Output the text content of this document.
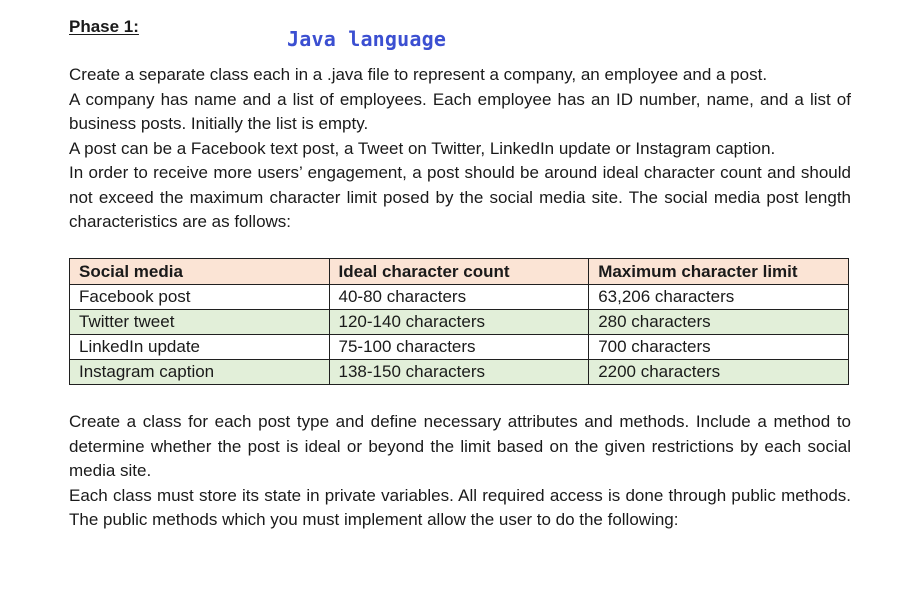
Phase 1:
Java language

Create a separate class each in a .java file to represent a company, an employee and a post.

A company has name and a list of employees. Each employee has an ID number, name, and a list of business posts. Initially the list is empty.

A post can be a Facebook text post, a Tweet on Twitter, LinkedIn update or Instagram caption.

In order to receive more users’ engagement, a post should be around ideal character count and should not exceed the maximum character limit posed by the social media site. The social media post length characteristics are as follows:

Social media	Ideal character count	Maximum character limit
Facebook post	40-80 characters	63,206 characters
Twitter tweet	120-140 characters	280 characters
LinkedIn update	75-100 characters	700 characters
Instagram caption	138-150 characters	2200 characters

Create a class for each post type and define necessary attributes and methods. Include a method to determine whether the post is ideal or beyond the limit based on the given restrictions by each social media site.

Each class must store its state in private variables. All required access is done through public methods. The public methods which you must implement allow the user to do the following:
